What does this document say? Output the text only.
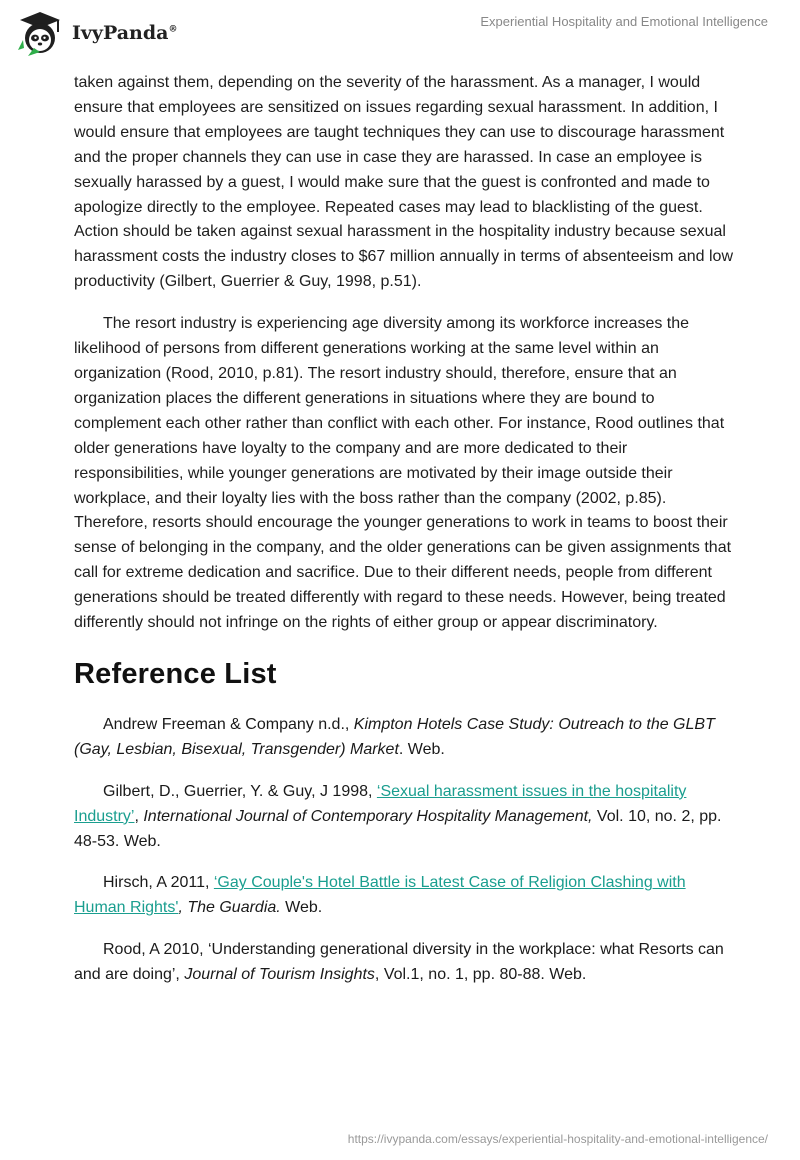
IvyPanda®
Experiential Hospitality and Emotional Intelligence

taken against them, depending on the severity of the harassment. As a manager, I would ensure that employees are sensitized on issues regarding sexual harassment. In addition, I would ensure that employees are taught techniques they can use to discourage harassment and the proper channels they can use in case they are harassed. In case an employee is sexually harassed by a guest, I would make sure that the guest is confronted and made to apologize directly to the employee. Repeated cases may lead to blacklisting of the guest. Action should be taken against sexual harassment in the hospitality industry because sexual harassment costs the industry closes to $67 million annually in terms of absenteeism and low productivity (Gilbert, Guerrier & Guy, 1998, p.51).

The resort industry is experiencing age diversity among its workforce increases the likelihood of persons from different generations working at the same level within an organization (Rood, 2010, p.81). The resort industry should, therefore, ensure that an organization places the different generations in situations where they are bound to complement each other rather than conflict with each other. For instance, Rood outlines that older generations have loyalty to the company and are more dedicated to their responsibilities, while younger generations are motivated by their image outside their workplace, and their loyalty lies with the boss rather than the company (2002, p.85). Therefore, resorts should encourage the younger generations to work in teams to boost their sense of belonging in the company, and the older generations can be given assignments that call for extreme dedication and sacrifice. Due to their different needs, people from different generations should be treated differently with regard to these needs. However, being treated differently should not infringe on the rights of either group or appear discriminatory.

Reference List

Andrew Freeman & Company n.d., Kimpton Hotels Case Study: Outreach to the GLBT (Gay, Lesbian, Bisexual, Transgender) Market. Web.

Gilbert, D., Guerrier, Y. & Guy, J 1998, ‘Sexual harassment issues in the hospitality Industry’, International Journal of Contemporary Hospitality Management, Vol. 10, no. 2, pp. 48-53. Web.

Hirsch, A 2011, ‘Gay Couple's Hotel Battle is Latest Case of Religion Clashing with Human Rights', The Guardia. Web.

Rood, A 2010, ‘Understanding generational diversity in the workplace: what Resorts can and are doing’, Journal of Tourism Insights, Vol.1, no. 1, pp. 80-88. Web.

https://ivypanda.com/essays/experiential-hospitality-and-emotional-intelligence/
